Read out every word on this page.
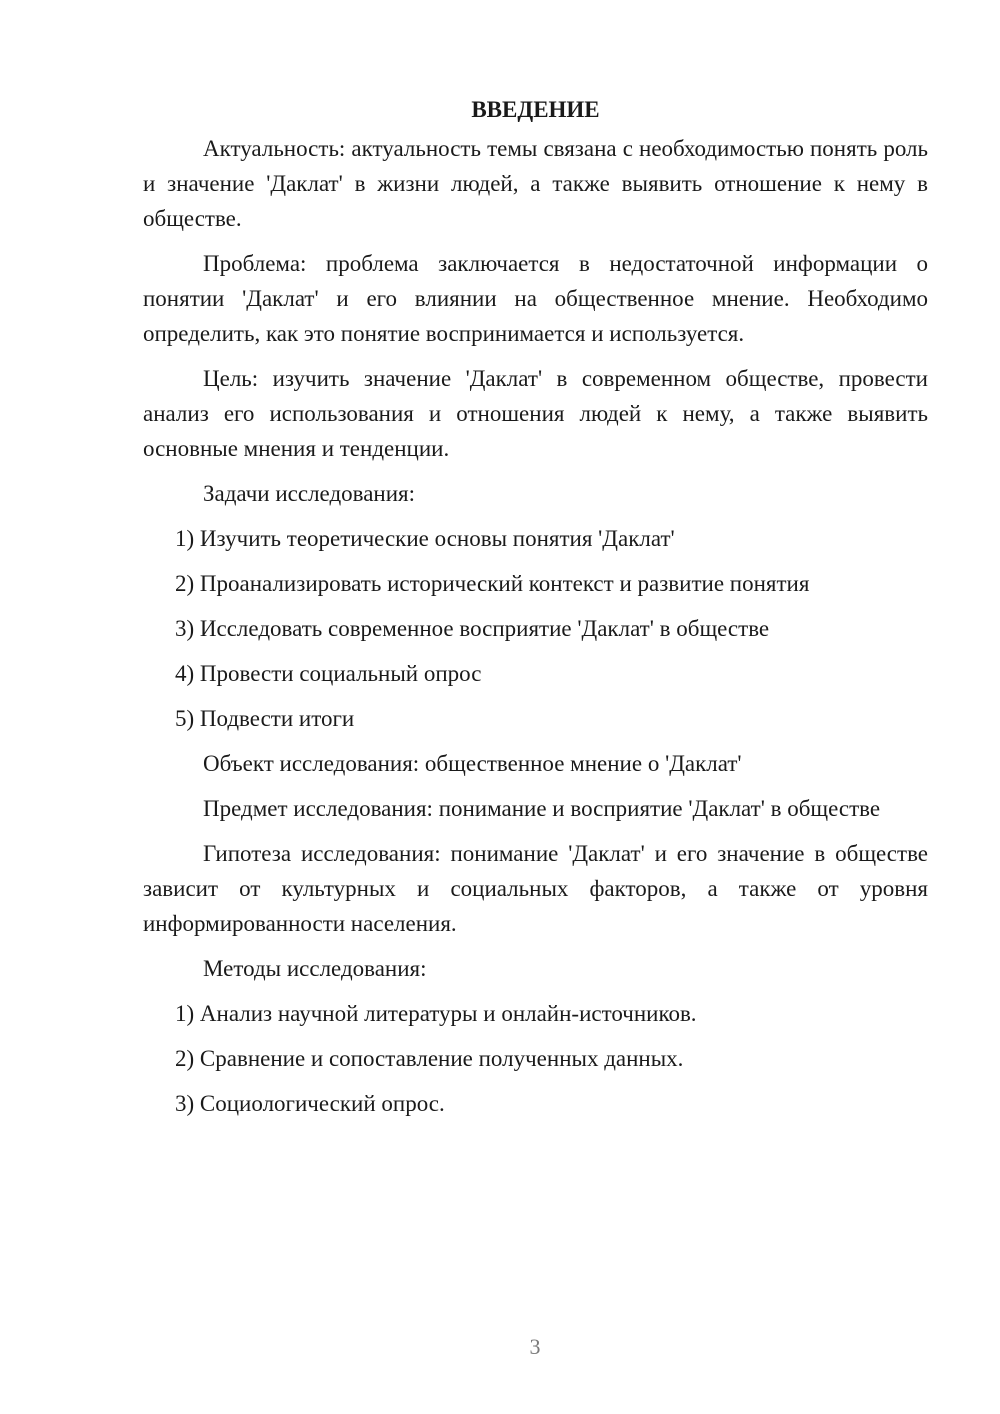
ВВЕДЕНИЕ

Актуальность: актуальность темы связана с необходимостью понять роль и значение 'Даклат' в жизни людей, а также выявить отношение к нему в обществе.

Проблема: проблема заключается в недостаточной информации о понятии 'Даклат' и его влиянии на общественное мнение. Необходимо определить, как это понятие воспринимается и используется.

Цель: изучить значение 'Даклат' в современном обществе, провести анализ его использования и отношения людей к нему, а также выявить основные мнения и тенденции.

Задачи исследования:
1) Изучить теоретические основы понятия 'Даклат'
2) Проанализировать исторический контекст и развитие понятия
3) Исследовать современное восприятие 'Даклат' в обществе
4) Провести социальный опрос
5) Подвести итоги
Объект исследования: общественное мнение о 'Даклат'

Предмет исследования: понимание и восприятие 'Даклат' в обществе

Гипотеза исследования: понимание 'Даклат' и его значение в обществе зависит от культурных и социальных факторов, а также от уровня информированности населения.

Методы исследования:
1) Анализ научной литературы и онлайн-источников.
2) Сравнение и сопоставление полученных данных.
3) Социологический опрос.
3
